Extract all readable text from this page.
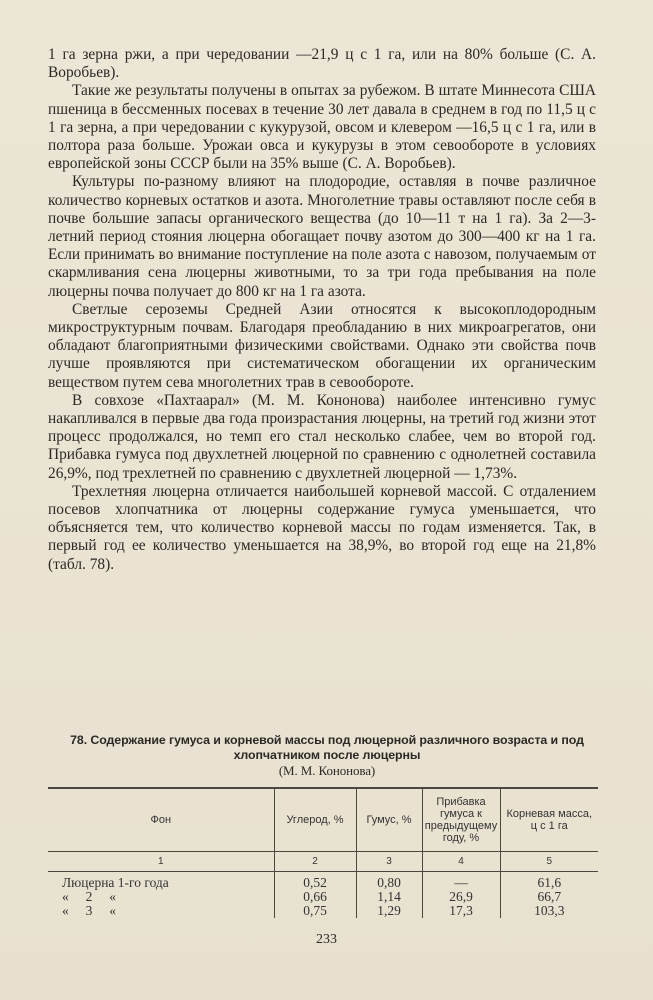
1 га зерна ржи, а при чередовании —21,9 ц с 1 га, или на 80% больше (С. А. Воробьев).

Такие же результаты получены в опытах за рубежом. В штате Миннесота США пшеница в бессменных посевах в течение 30 лет давала в среднем в год по 11,5 ц с 1 га зерна, а при чередовании с кукурузой, овсом и клевером —16,5 ц с 1 га, или в полтора раза больше. Урожаи овса и кукурузы в этом севообороте в условиях европейской зоны СССР были на 35% выше (С. А. Воробьев).

Культуры по-разному влияют на плодородие, оставляя в почве различное количество корневых остатков и азота. Многолетние травы оставляют после себя в почве большие запасы органического вещества (до 10—11 т на 1 га). За 2—3-летний период стояния люцерна обогащает почву азотом до 300—400 кг на 1 га. Если принимать во внимание поступление на поле азота с навозом, получаемым от скармливания сена люцерны животными, то за три года пребывания на поле люцерны почва получает до 800 кг на 1 га азота.

Светлые сероземы Средней Азии относятся к высокоплодородным микроструктурным почвам. Благодаря преобладанию в них микроагрегатов, они обладают благоприятными физическими свойствами. Однако эти свойства почв лучше проявляются при систематическом обогащении их органическим веществом путем сева многолетних трав в севообороте.

В совхозе «Пахтаарал» (М. М. Кононова) наиболее интенсивно гумус накапливался в первые два года произрастания люцерны, на третий год жизни этот процесс продолжался, но темп его стал несколько слабее, чем во второй год. Прибавка гумуса под двухлетней люцерной по сравнению с однолетней составила 26,9%, под трехлетней по сравнению с двухлетней люцерной — 1,73%.

Трехлетняя люцерна отличается наибольшей корневой массой. С отдалением посевов хлопчатника от люцерны содержание гумуса уменьшается, что объясняется тем, что количество корневой массы по годам изменяется. Так, в первый год ее количество уменьшается на 38,9%, во второй год еще на 21,8% (табл. 78).

78. Содержание гумуса и корневой массы под люцерной различного возраста и под хлопчатником после люцерны
(М. М. Кононова)
Фон	Углерод, %	Гумус, %	Прибавка гумуса к предыдущему году, %	Корневая масса, ц с 1 га
1	2	3	4	5
Люцерна 1-го года	0,52	0,80	—	61,6
«     2     «	0,66	1,14	26,9	66,7
«     3     «	0,75	1,29	17,3	103,3
233
